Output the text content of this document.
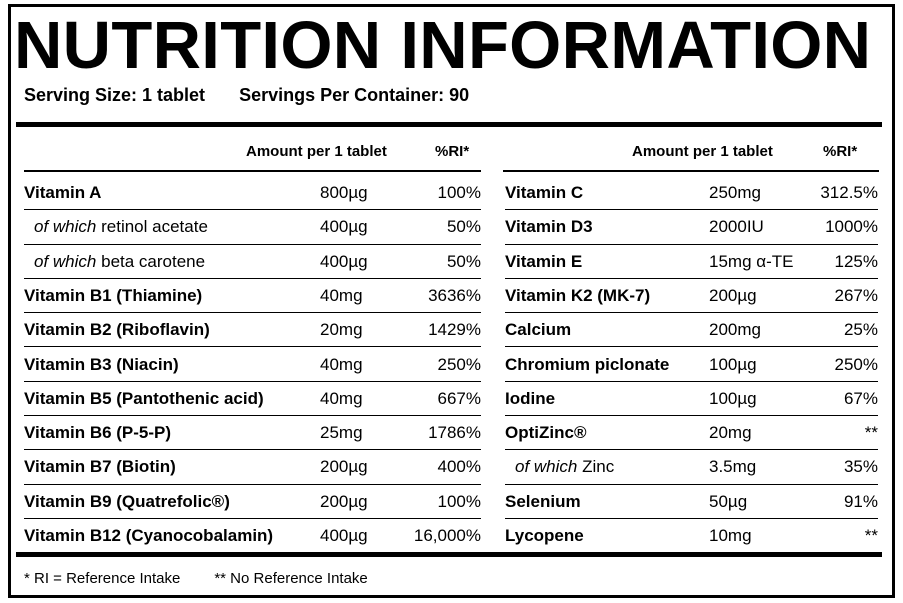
NUTRITION INFORMATION
Serving Size: 1 tablet Servings Per Container: 90
Amount per 1 tablet	%RI*	Amount per 1 tablet	%RI*
Vitamin A	800µg	100%
of which retinol acetate	400µg	50%
of which beta carotene	400µg	50%
Vitamin B1 (Thiamine)	40mg	3636%
Vitamin B2 (Riboflavin)	20mg	1429%
Vitamin B3 (Niacin)	40mg	250%
Vitamin B5 (Pantothenic acid)	40mg	667%
Vitamin B6 (P-5-P)	25mg	1786%
Vitamin B7 (Biotin)	200µg	400%
Vitamin B9 (Quatrefolic®)	200µg	100%
Vitamin B12 (Cyanocobalamin)	400µg	16,000%
Vitamin C	250mg	312.5%
Vitamin D3	2000IU	1000%
Vitamin E	15mg α-TE 125%
Vitamin K2 (MK-7)	200µg	267%
Calcium	200mg	25%
Chromium piclonate 100µg	250%
Iodine	100µg	67%
OptiZinc®	20mg	**
of which Zinc	3.5mg	35%
Selenium	50µg	91%
Lycopene	10mg	**
* RI = Reference Intake ** No Reference Intake
